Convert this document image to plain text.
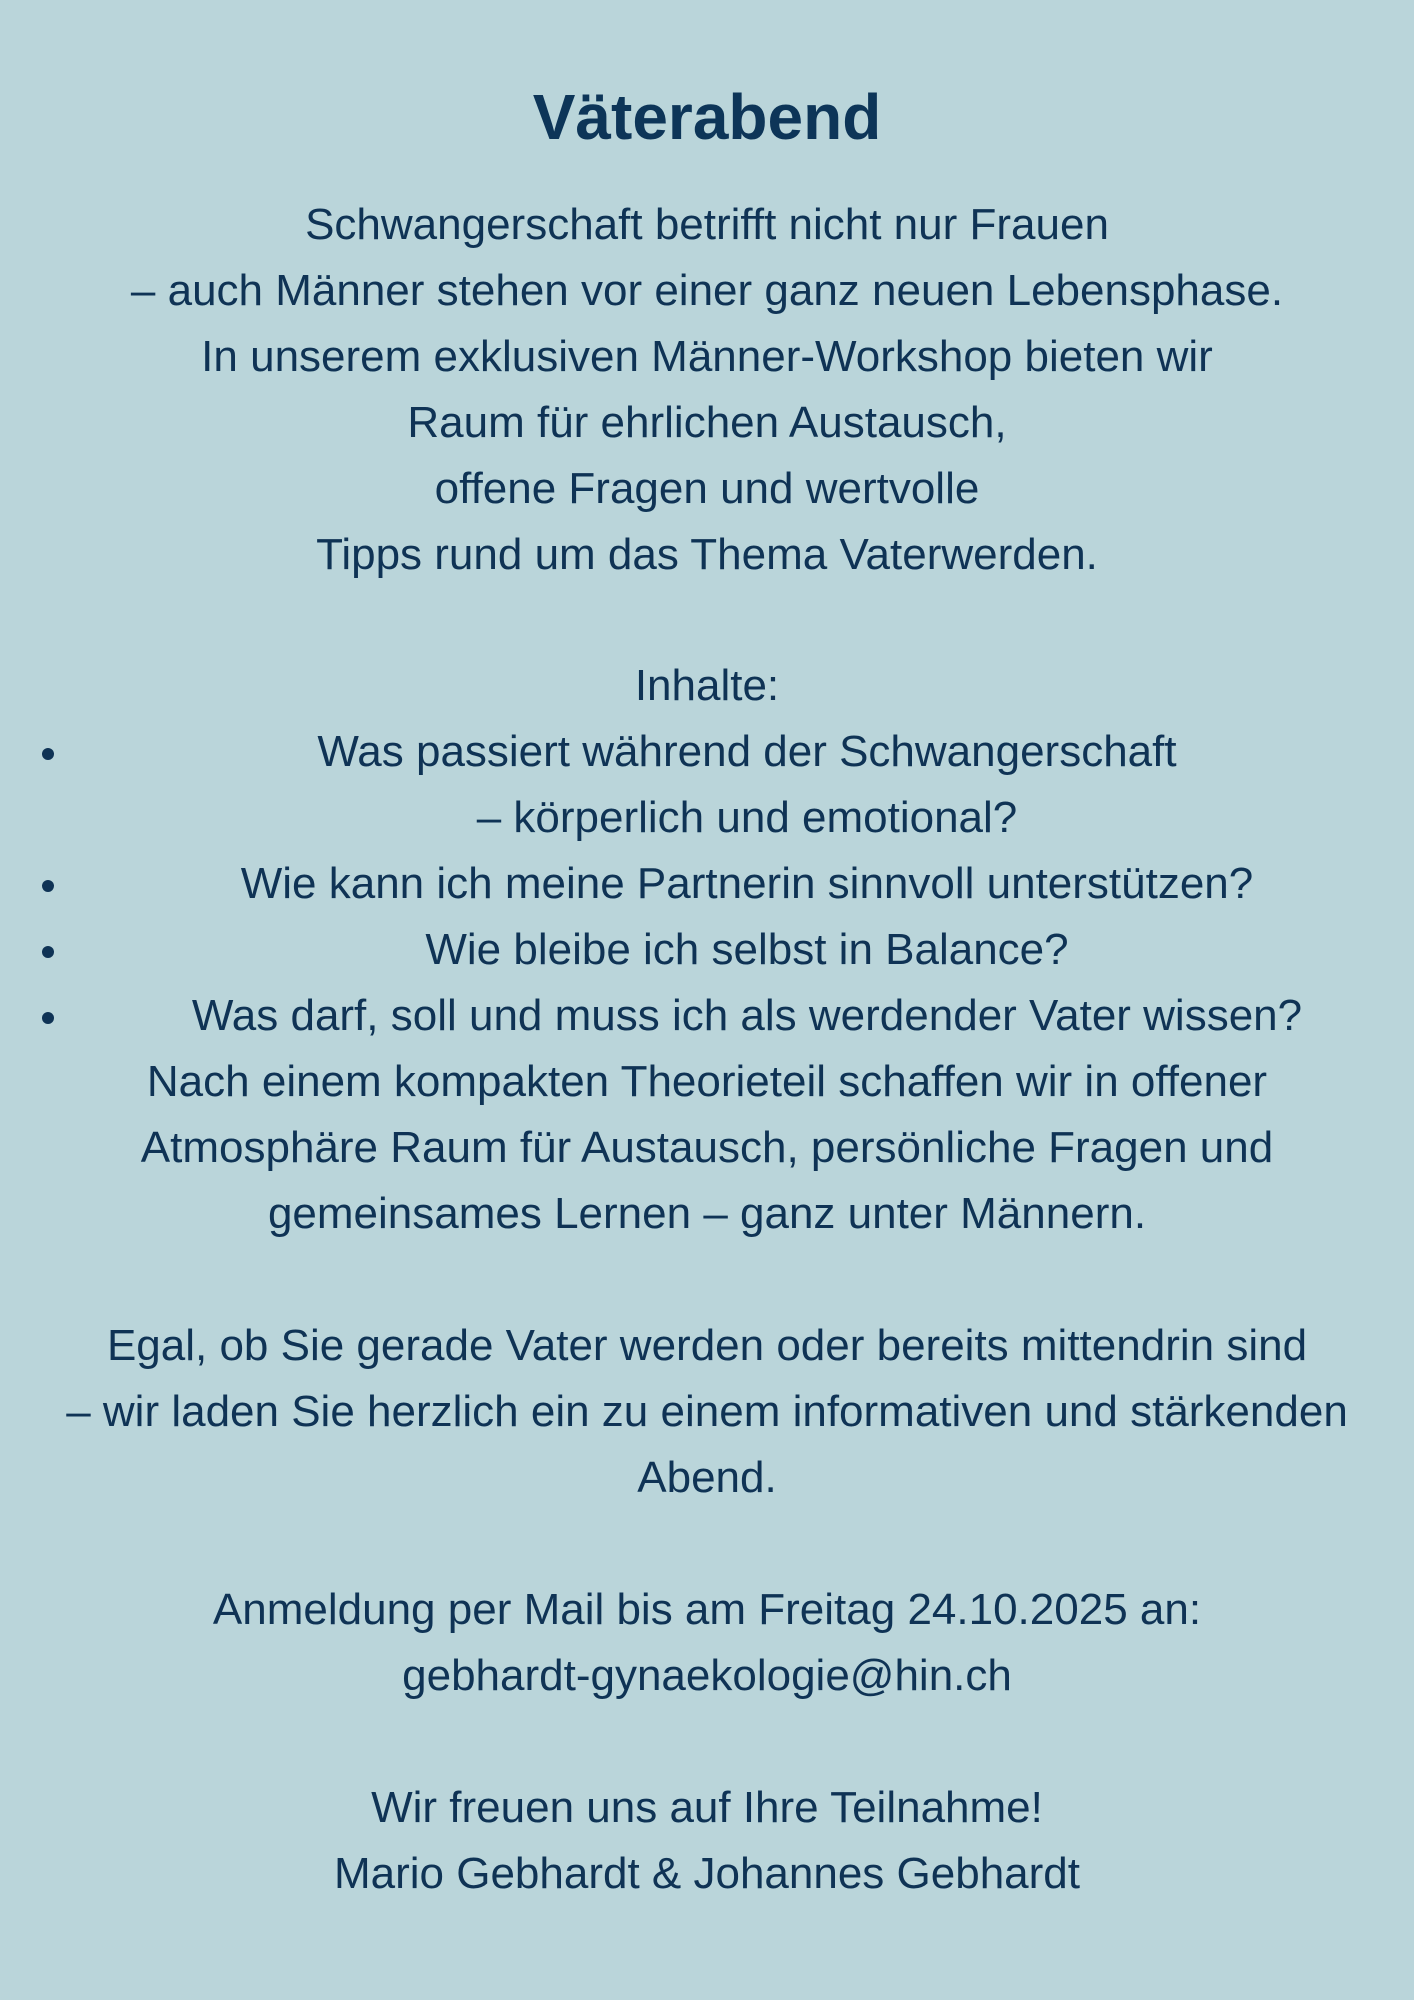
Väterabend
Schwangerschaft betrifft nicht nur Frauen
– auch Männer stehen vor einer ganz neuen Lebensphase.
In unserem exklusiven Männer-Workshop bieten wir
Raum für ehrlichen Austausch,
offene Fragen und wertvolle
Tipps rund um das Thema Vaterwerden.
Inhalte:
Was passiert während der Schwangerschaft
– körperlich und emotional?
Wie kann ich meine Partnerin sinnvoll unterstützen?
Wie bleibe ich selbst in Balance?
Was darf, soll und muss ich als werdender Vater wissen?
Nach einem kompakten Theorieteil schaffen wir in offener
Atmosphäre Raum für Austausch, persönliche Fragen und
gemeinsames Lernen – ganz unter Männern.
Egal, ob Sie gerade Vater werden oder bereits mittendrin sind
– wir laden Sie herzlich ein zu einem informativen und stärkenden
Abend.
Anmeldung per Mail bis am Freitag 24.10.2025 an:
gebhardt-gynaekologie@hin.ch
Wir freuen uns auf Ihre Teilnahme!
Mario Gebhardt & Johannes Gebhardt
